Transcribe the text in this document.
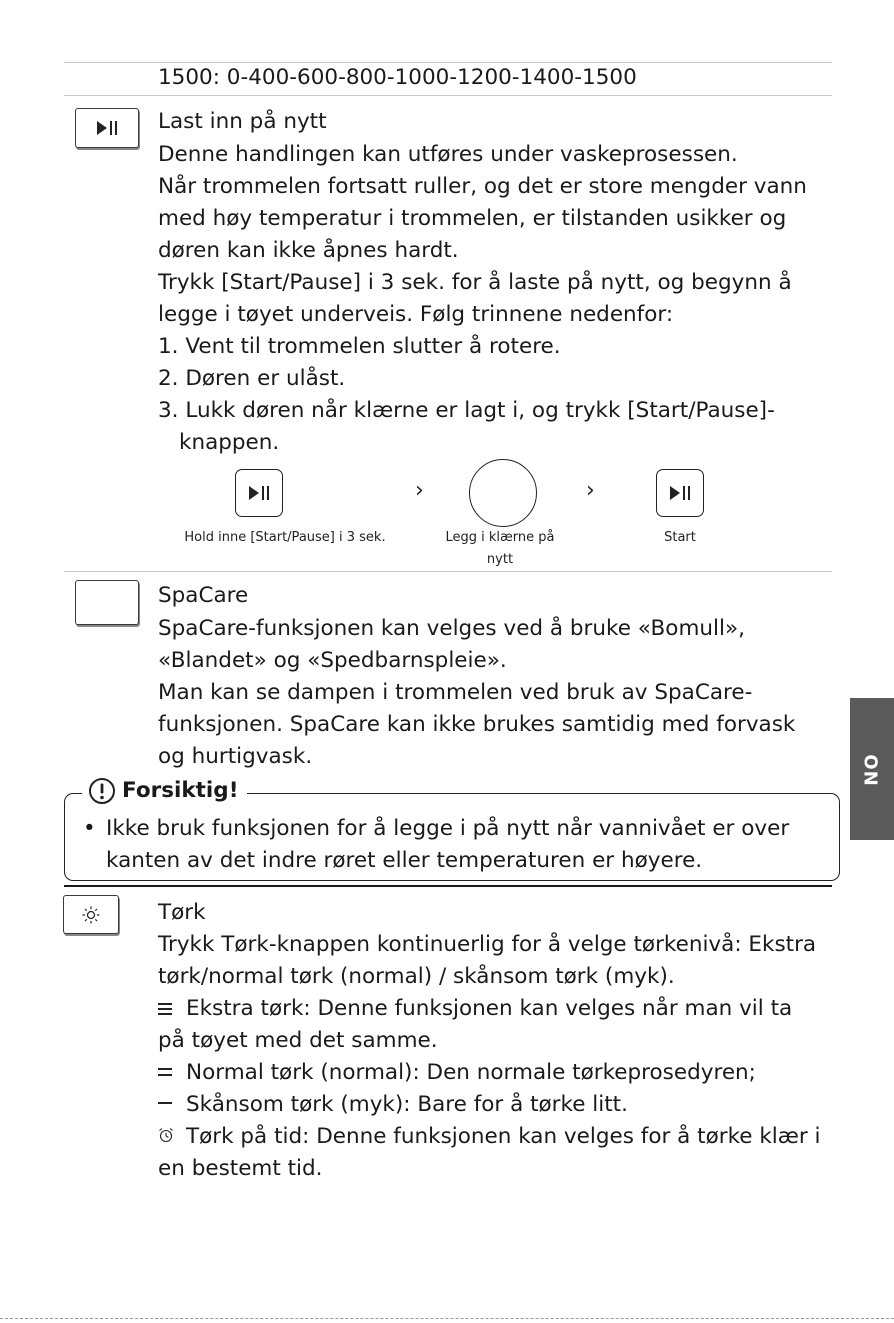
1500: 0-400-600-800-1000-1200-1400-1500
Last inn på nytt
Denne handlingen kan utføres under vaskeprosessen.
Når trommelen fortsatt ruller, og det er store mengder vann
med høy temperatur i trommelen, er tilstanden usikker og
døren kan ikke åpnes hardt.
Trykk [Start/Pause] i 3 sek. for å laste på nytt, og begynn å
legge i tøyet underveis. Følg trinnene nedenfor:
1. Vent til trommelen slutter å rotere.
2. Døren er ulåst.
3. Lukk døren når klærne er lagt i, og trykk [Start/Pause]-
knappen.
›	›
Hold inne [Start/Pause] i 3 sek.	Legg i klærne på
nytt
Start
SpaCare
SpaCare-funksjonen kan velges ved å bruke «Bomull»,
«Blandet» og «Spedbarnspleie».
Man kan se dampen i trommelen ved bruk av SpaCare-
funksjonen. SpaCare kan ikke brukes samtidig med forvask
og hurtigvask.
Forsiktig!
• Ikke bruk funksjonen for å legge i på nytt når vannivået er over
kanten av det indre røret eller temperaturen er høyere.
Tørk
Trykk Tørk-knappen kontinuerlig for å velge tørkenivå: Ekstra
tørk/normal tørk (normal) / skånsom tørk (myk).
Ekstra tørk: Denne funksjonen kan velges når man vil ta
på tøyet med det samme.
Normal tørk (normal): Den normale tørkeprosedyren;
Skånsom tørk (myk): Bare for å tørke litt.
Tørk på tid: Denne funksjonen kan velges for å tørke klær i
en bestemt tid.
NO
